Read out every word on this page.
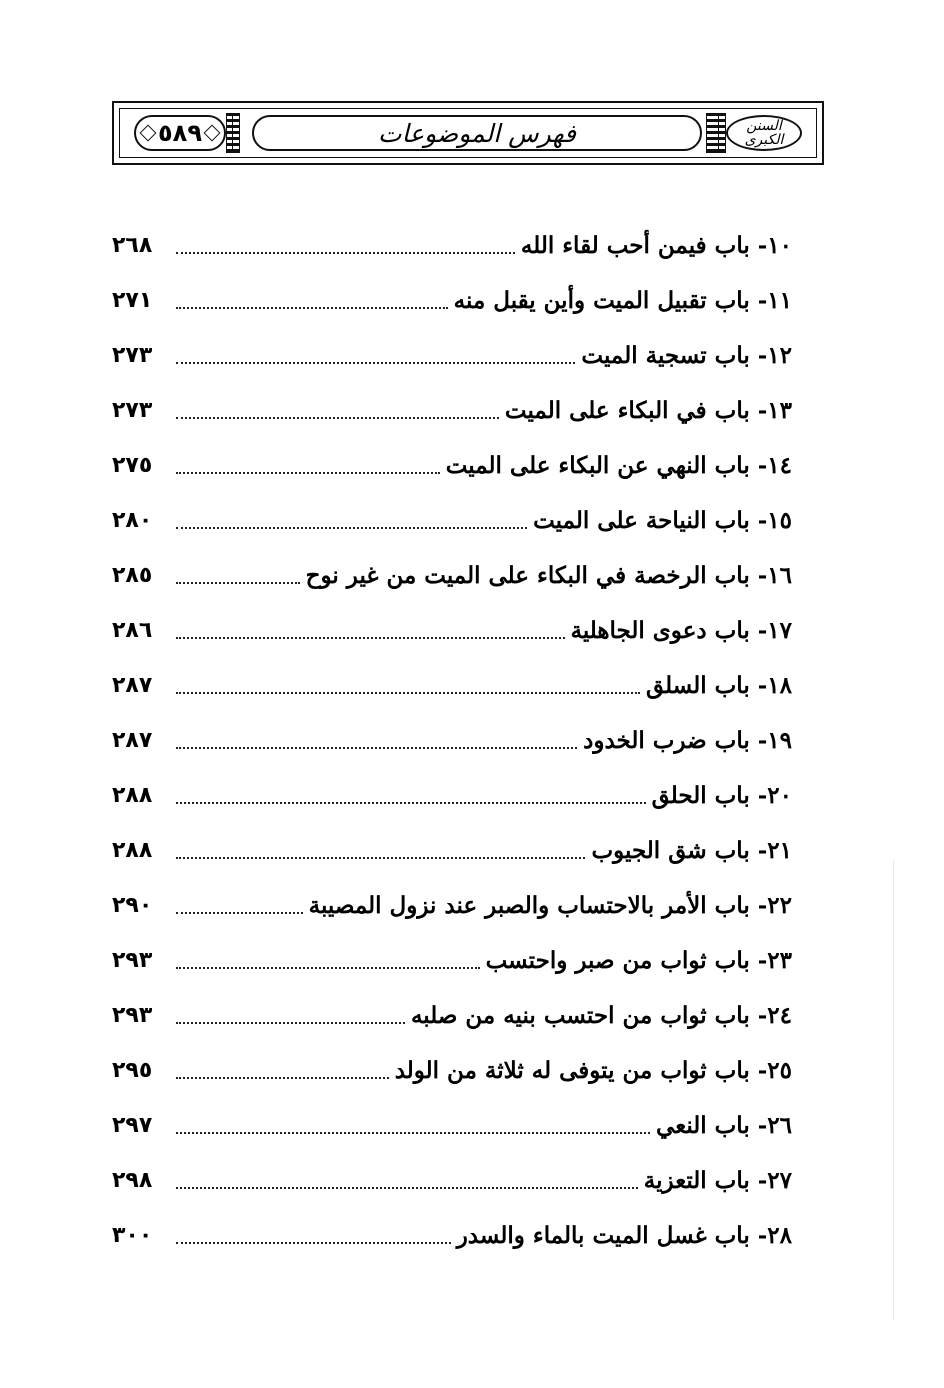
٥٨٩	فهرس الموضوعات	السنن الكبرى
١٠- باب فيمن أحب لقاء الله
٢٦٨
١١- باب تقبيل الميت وأين يقبل منه
٢٧١
١٢- باب تسجية الميت
٢٧٣
١٣- باب في البكاء على الميت
٢٧٣
١٤- باب النهي عن البكاء على الميت
٢٧٥
١٥- باب النياحة على الميت
٢٨٠
١٦- باب الرخصة في البكاء على الميت من غير نوح
٢٨٥
١٧- باب دعوى الجاهلية
٢٨٦
١٨- باب السلق
٢٨٧
١٩- باب ضرب الخدود
٢٨٧
٢٠- باب الحلق
٢٨٨
٢١- باب شق الجيوب
٢٨٨
٢٢- باب الأمر بالاحتساب والصبر عند نزول المصيبة
٢٩٠
٢٣- باب ثواب من صبر واحتسب
٢٩٣
٢٤- باب ثواب من احتسب بنيه من صلبه
٢٩٣
٢٥- باب ثواب من يتوفى له ثلاثة من الولد
٢٩٥
٢٦- باب النعي
٢٩٧
٢٧- باب التعزية
٢٩٨
٢٨- باب غسل الميت بالماء والسدر
٣٠٠
